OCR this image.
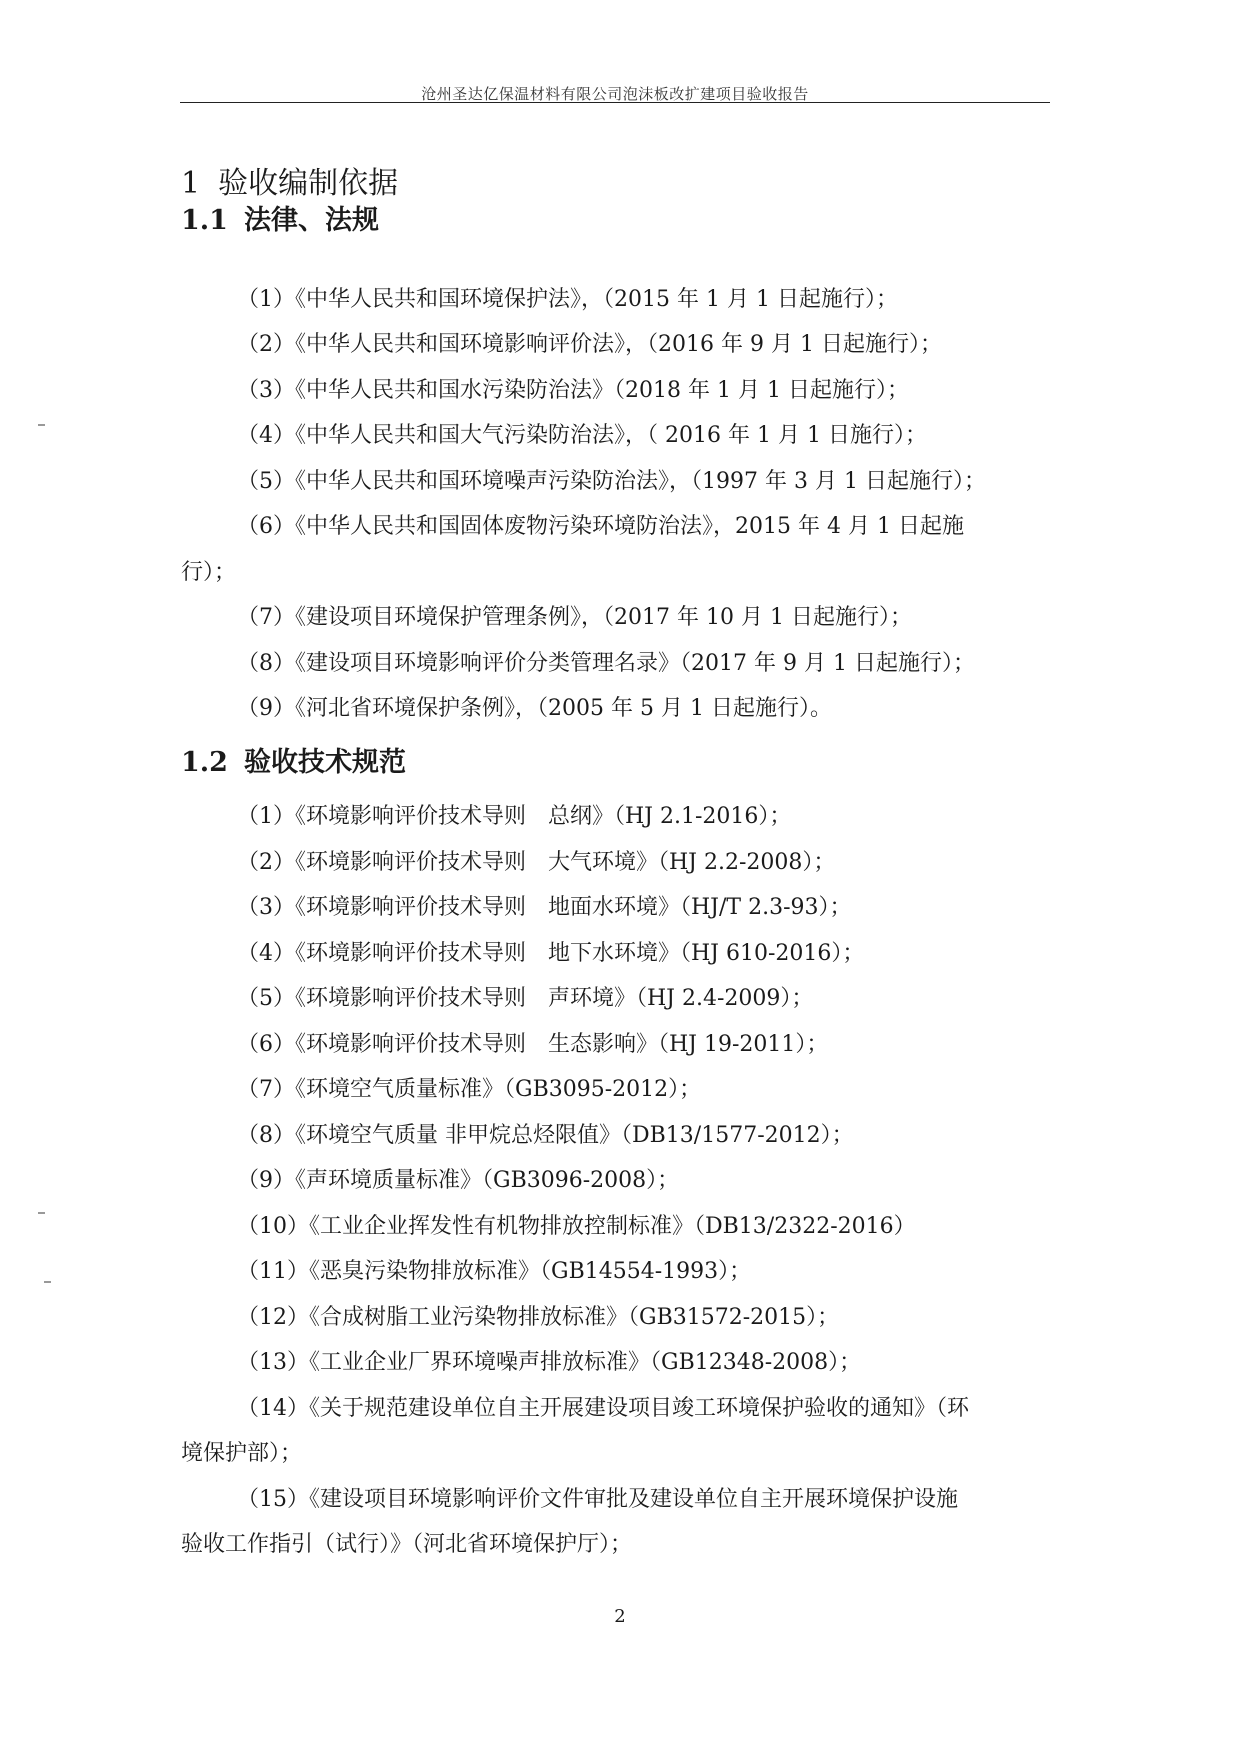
沧州圣达亿保温材料有限公司泡沫板改扩建项目验收报告
1 验收编制依据
1.1 法律、法规
（1）《中华人民共和国环境保护法》，（2015 年 1 月 1 日起施行）；
（2）《中华人民共和国环境影响评价法》，（2016 年 9 月 1 日起施行）；
（3）《中华人民共和国水污染防治法》（2018 年 1 月 1 日起施行）；
（4）《中华人民共和国大气污染防治法》，（ 2016 年 1 月 1 日施行）；
（5）《中华人民共和国环境噪声污染防治法》，（1997 年 3 月 1 日起施行）；
（6）《中华人民共和国固体废物污染环境防治法》，2015 年 4 月 1 日起施
行）；
（7）《建设项目环境保护管理条例》，（2017 年 10 月 1 日起施行）；
（8）《建设项目环境影响评价分类管理名录》（2017 年 9 月 1 日起施行）；
（9）《河北省环境保护条例》，（2005 年 5 月 1 日起施行）。
1.2 验收技术规范
（1）《环境影响评价技术导则　总纲》（HJ 2.1-2016）；
（2）《环境影响评价技术导则　大气环境》（HJ 2.2-2008）；
（3）《环境影响评价技术导则　地面水环境》（HJ/T 2.3-93）；
（4）《环境影响评价技术导则　地下水环境》（HJ 610-2016）；
（5）《环境影响评价技术导则　声环境》（HJ 2.4-2009）；
（6）《环境影响评价技术导则　生态影响》（HJ 19-2011）；
（7）《环境空气质量标准》（GB3095-2012）；
（8）《环境空气质量 非甲烷总烃限值》（DB13/1577-2012）；
（9）《声环境质量标准》（GB3096-2008）；
（10）《工业企业挥发性有机物排放控制标准》（DB13/2322-2016）
（11）《恶臭污染物排放标准》（GB14554-1993）；
（12）《合成树脂工业污染物排放标准》（GB31572-2015）；
（13）《工业企业厂界环境噪声排放标准》（GB12348-2008）；
（14）《关于规范建设单位自主开展建设项目竣工环境保护验收的通知》（环
境保护部）；
（15）《建设项目环境影响评价文件审批及建设单位自主开展环境保护设施
验收工作指引（试行）》（河北省环境保护厅）；
2
